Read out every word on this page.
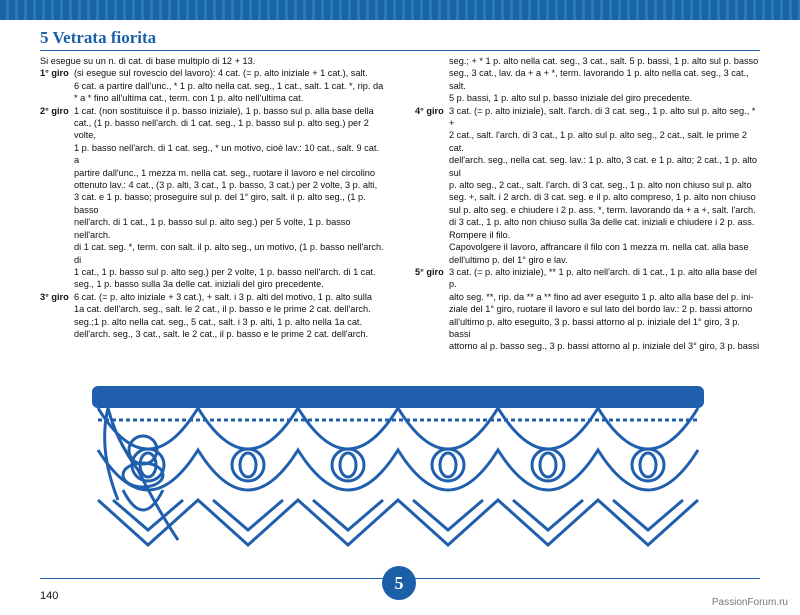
5 Vetrata fiorita

Si esegue su un n. di cat. di base multiplo di 12 + 13.

1° giro (si esegue sul rovescio del lavoro): 4 cat. (= p. alto iniziale + 1 cat.), salt.
6 cat. a partire dall'unc., * 1 p. alto nella cat. seg., 1 cat., salt. 1 cat. *, rip. da
* a * fino all'ultima cat., term. con 1 p. alto nell'ultima cat.
2° giro 1 cat. (non sostituisce il p. basso iniziale), 1 p. basso sul p. alla base della
cat., (1 p. basso nell'arch. di 1 cat. seg., 1 p. basso sul p. alto seg.) per 2 volte,
1 p. basso nell'arch. di 1 cat. seg., * un motivo, cioè lav.: 10 cat., salt. 9 cat. a
partire dall'unc., 1 mezza m. nella cat. seg., ruotare il lavoro e nel circolino
ottenuto lav.: 4 cat., (3 p. alti, 3 cat., 1 p. basso, 3 cat.) per 2 volte, 3 p. alti,
3 cat. e 1 p. basso; proseguire sul p. del 1° giro, salt. il p. alto seg., (1 p. basso
nell'arch. di 1 cat., 1 p. basso sul p. alto seg.) per 5 volte, 1 p. basso nell'arch.
di 1 cat. seg. *, term. con salt. il p. alto seg., un motivo, (1 p. basso nell'arch. di
1 cat., 1 p. basso sul p. alto seg.) per 2 volte, 1 p. basso nell'arch. di 1 cat.
seg., 1 p. basso sulla 3a delle cat. iniziali del giro precedente.
3° giro 6 cat. (= p. alto iniziale + 3 cat.), + salt. i 3 p. alti del motivo, 1 p. alto sulla
1a cat. dell'arch. seg., salt. le 2 cat., il p. basso e le prime 2 cat. dell'arch.
seg.;1 p. alto nella cat. seg., 5 cat., salt. i 3 p. alti, 1 p. alto nella 1a cat.
dell'arch. seg., 3 cat., salt. le 2 cat., il p. basso e le prime 2 cat. dell'arch.
seg.; + * 1 p. alto nella cat. seg., 3 cat., salt. 5 p. bassi, 1 p. alto sul p. basso
seg., 3 cat., lav. da + a + *, term. lavorando 1 p. alto nella cat. seg., 3 cat., salt.
5 p. bassi, 1 p. alto sul p. basso iniziale del giro precedente.
4° giro 3 cat. (= p. alto iniziale), salt. l'arch. di 3 cat. seg., 1 p. alto sul p. alto seg., * +
2 cat., salt. l'arch. di 3 cat., 1 p. alto sul p. alto seg., 2 cat., salt. le prime 2 cat.
dell'arch. seg., nella cat. seg. lav.: 1 p. alto, 3 cat. e 1 p. alto; 2 cat., 1 p. alto sul
p. alto seg., 2 cat., salt. l'arch. di 3 cat. seg., 1 p. alto non chiuso sul p. alto
seg. +, salt. i 2 arch. di 3 cat. seg. e il p. alto compreso, 1 p. alto non chiuso
sul p. alto seg. e chiudere i 2 p. ass. *, term. lavorando da + a +, salt. l'arch.
di 3 cat., 1 p. alto non chiuso sulla 3a delle cat. iniziali e chiudere i 2 p. ass.
Rompere il filo.
Capovolgere il lavoro, affrancare il filo con 1 mezza m. nella cat. alla base
dell'ultimo p. del 1° giro e lav.
5° giro 3 cat. (= p. alto iniziale), ** 1 p. alto nell'arch. di 1 cat., 1 p. alto alla base del p.
alto seg. **, rip. da ** a ** fino ad aver eseguito 1 p. alto alla base del p. ini-
ziale del 1° giro, ruotare il lavoro e sul lato del bordo lav.: 2 p. bassi attorno
all'ultimo p. alto eseguito, 3 p. bassi attorno al p. iniziale del 1° giro, 3 p. bassi
attorno al p. basso seg., 3 p. bassi attorno al p. iniziale del 3° giro, 3 p. bassi
140
5
PassionForum.ru
